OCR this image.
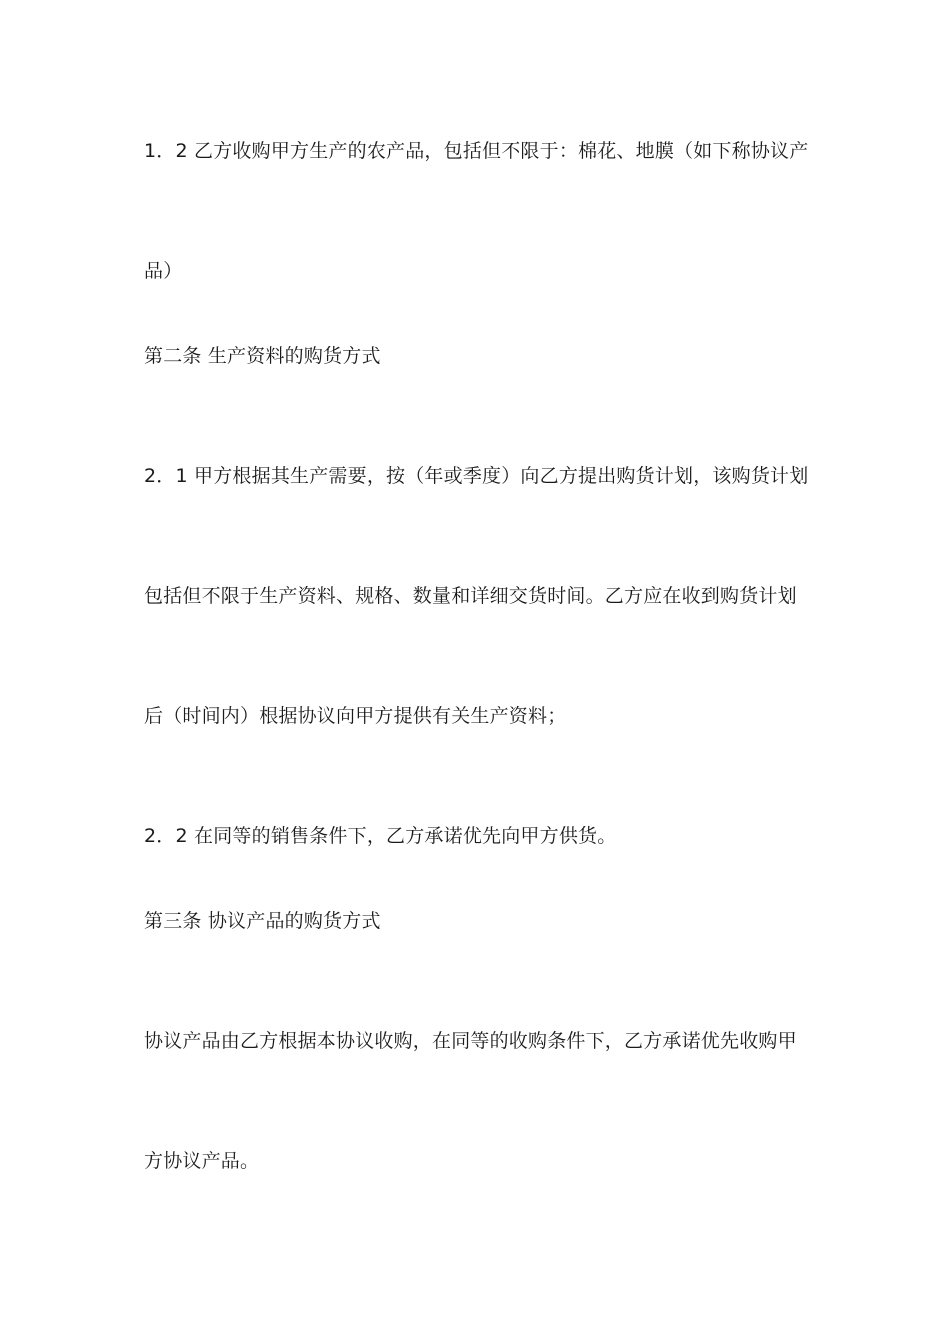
1．2 乙方收购甲方生产的农产品，包括但不限于：棉花、地膜（如下称协议产
品）
第二条 生产资料的购货方式
2．1 甲方根据其生产需要，按（年或季度）向乙方提出购货计划，该购货计划
包括但不限于生产资料、规格、数量和详细交货时间。乙方应在收到购货计划
后（时间内）根据协议向甲方提供有关生产资料；
2．2 在同等的销售条件下，乙方承诺优先向甲方供货。
第三条 协议产品的购货方式
协议产品由乙方根据本协议收购，在同等的收购条件下，乙方承诺优先收购甲
方协议产品。
